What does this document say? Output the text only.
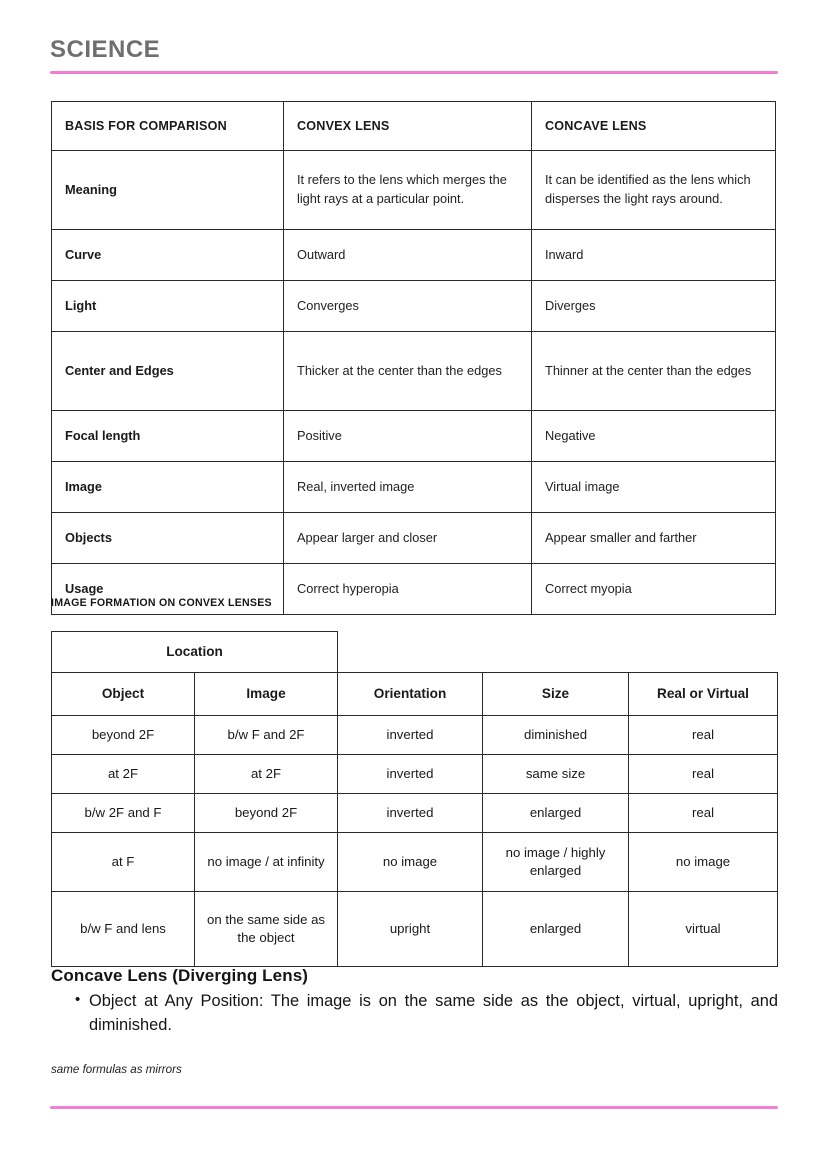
SCIENCE
BASIS FOR COMPARISON	CONVEX LENS	CONCAVE LENS
Meaning	It refers to the lens which merges the light rays at a particular point.	It can be identified as the lens which disperses the light rays around.
Curve	Outward	Inward
Light	Converges	Diverges
Center and Edges	Thicker at the center than the edges	Thinner at the center than the edges
Focal length	Positive	Negative
Image	Real, inverted image	Virtual image
Objects	Appear larger and closer	Appear smaller and farther
Usage	Correct hyperopia	Correct myopia
IMAGE FORMATION ON CONVEX LENSES
Location				
Object	Image	Orientation	Size	Real or Virtual
beyond 2F	b/w F and 2F	inverted	diminished	real
at 2F	at 2F	inverted	same size	real
b/w 2F and F	beyond 2F	inverted	enlarged	real
at F	no image / at infinity	no image	no image / highly enlarged	no image
b/w F and lens	on the same side as the object	upright	enlarged	virtual
Concave Lens (Diverging Lens)
• Object at Any Position: The image is on the same side as the object, virtual, upright, and diminished.
same formulas as mirrors
